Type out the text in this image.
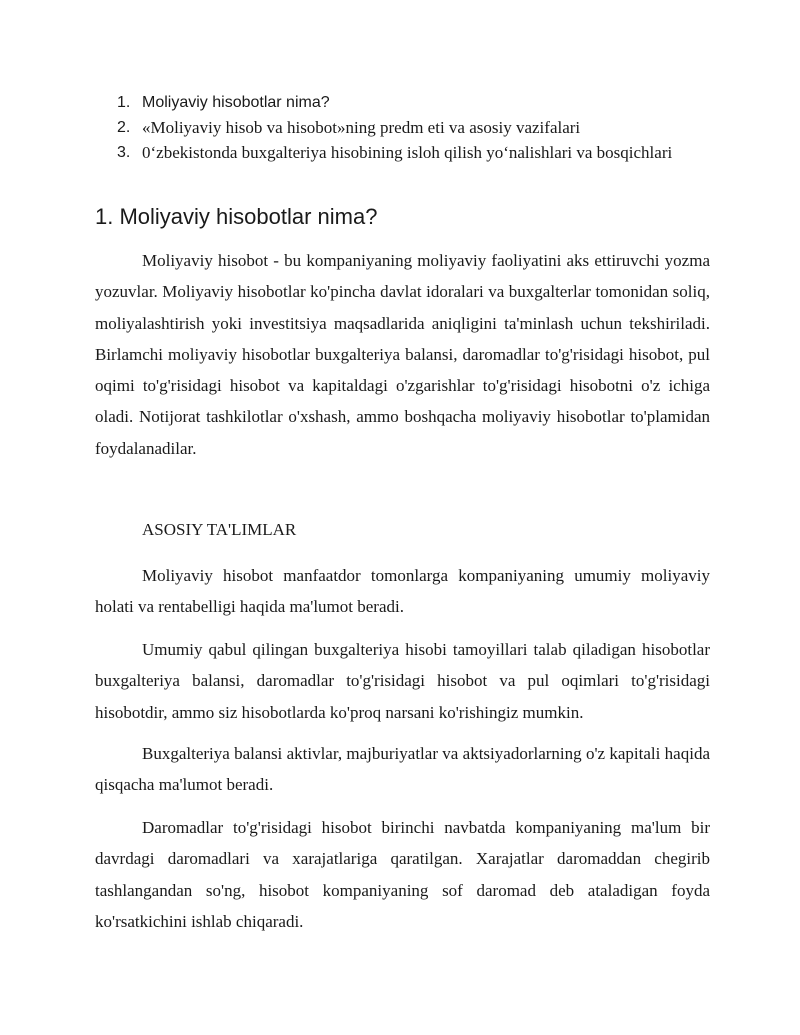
1. Moliyaviy hisobotlar nima?
2. «Moliyaviy hisob va hisobot»ning predm eti va asosiy vazifalari
3. 0‘zbekistonda buxgalteriya hisobining isloh qilish yo‘nalishlari va bosqichlari
1. Moliyaviy hisobotlar nima?

Moliyaviy hisobot - bu kompaniyaning moliyaviy faoliyatini aks ettiruvchi yozma yozuvlar. Moliyaviy hisobotlar ko'pincha davlat idoralari va buxgalterlar tomonidan soliq, moliyalashtirish yoki investitsiya maqsadlarida aniqligini ta'minlash uchun tekshiriladi. Birlamchi moliyaviy hisobotlar buxgalteriya balansi, daromadlar to'g'risidagi hisobot, pul oqimi to'g'risidagi hisobot va kapitaldagi o'zgarishlar to'g'risidagi hisobotni o'z ichiga oladi. Notijorat tashkilotlar o'xshash, ammo boshqacha moliyaviy hisobotlar to'plamidan foydalanadilar.

ASOSIY TA'LIMLAR

Moliyaviy hisobot manfaatdor tomonlarga kompaniyaning umumiy moliyaviy holati va rentabelligi haqida ma'lumot beradi.

Umumiy qabul qilingan buxgalteriya hisobi tamoyillari talab qiladigan hisobotlar buxgalteriya balansi, daromadlar to'g'risidagi hisobot va pul oqimlari to'g'risidagi hisobotdir, ammo siz hisobotlarda ko'proq narsani ko'rishingiz mumkin.

Buxgalteriya balansi aktivlar, majburiyatlar va aktsiyadorlarning o'z kapitali haqida qisqacha ma'lumot beradi.

Daromadlar to'g'risidagi hisobot birinchi navbatda kompaniyaning ma'lum bir davrdagi daromadlari va xarajatlariga qaratilgan. Xarajatlar daromaddan chegirib tashlangandan so'ng, hisobot kompaniyaning sof daromad deb ataladigan foyda ko'rsatkichini ishlab chiqaradi.
